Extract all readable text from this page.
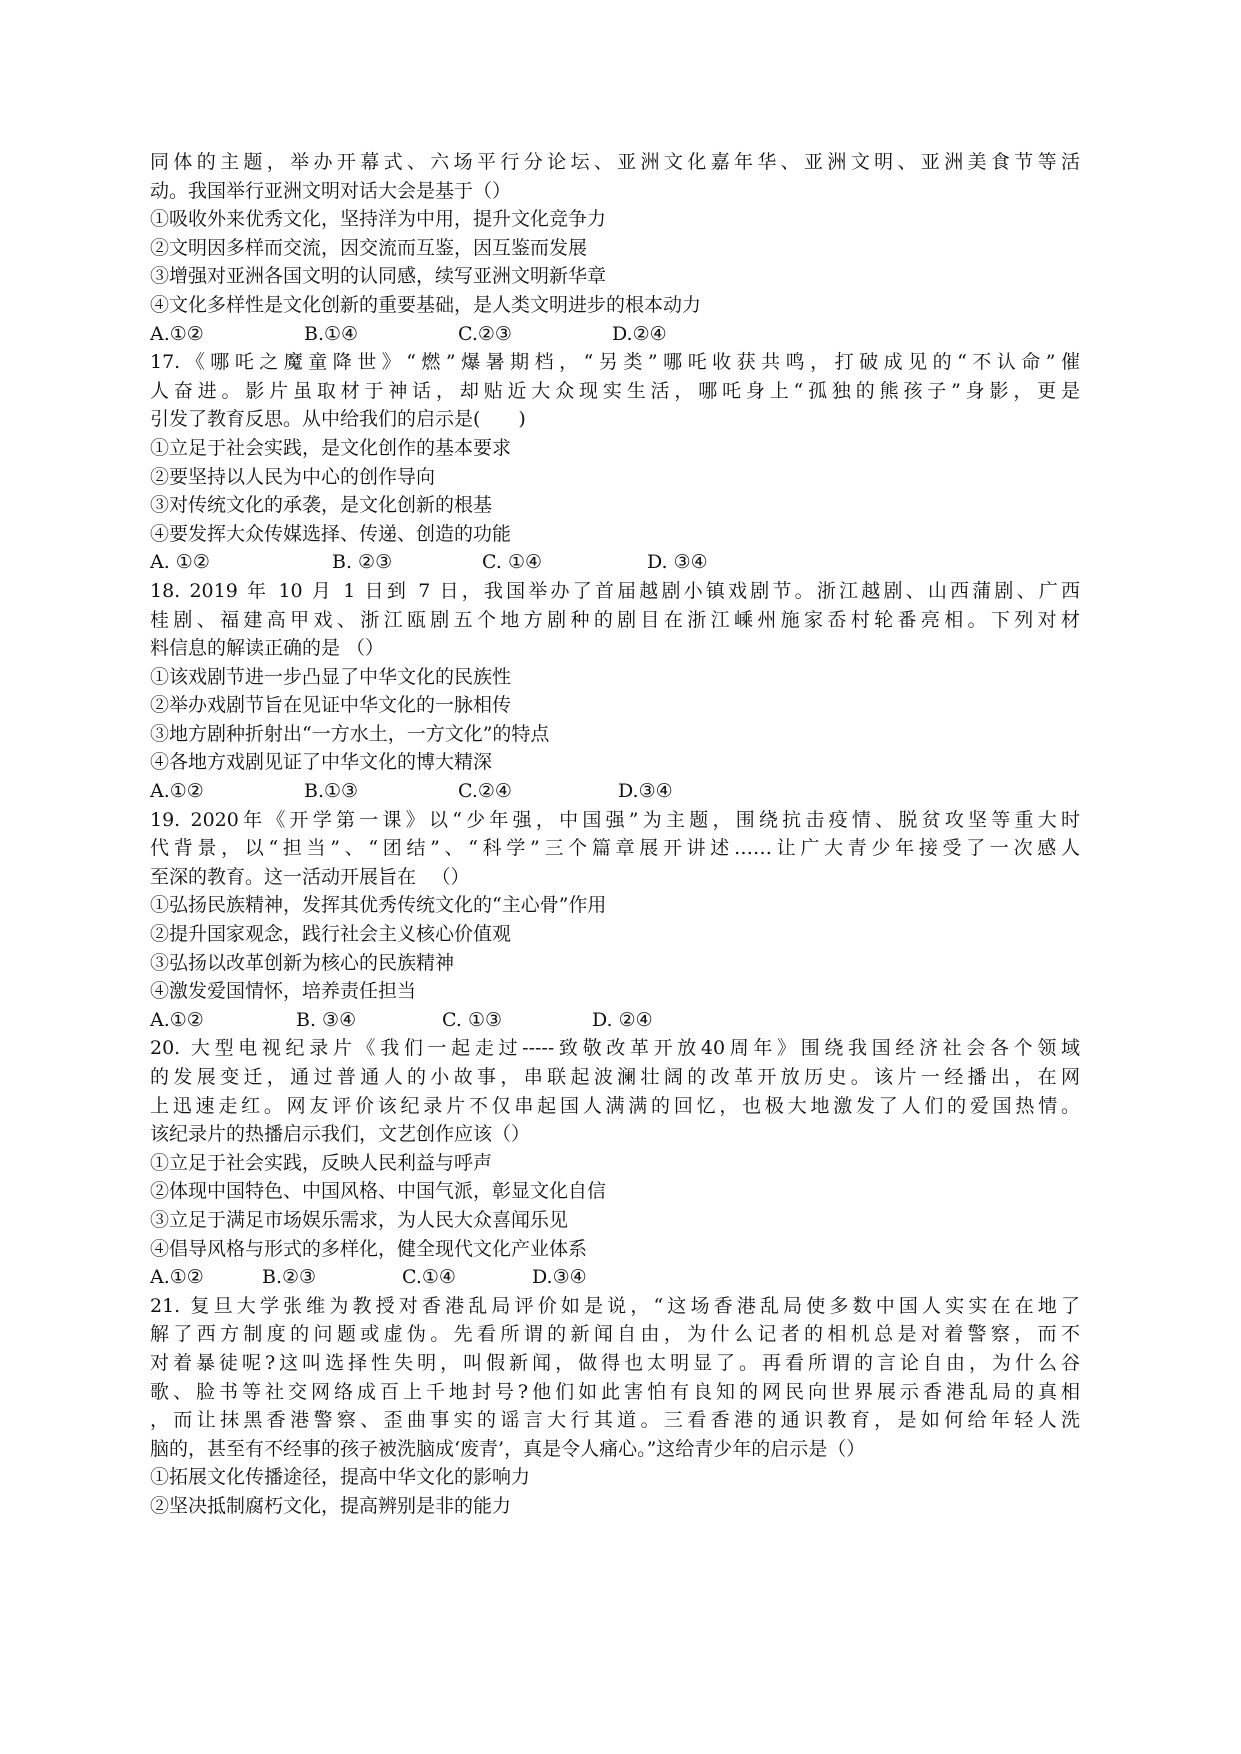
同体的主题，举办开幕式、六场平行分论坛、亚洲文化嘉年华、亚洲文明、亚洲美食节等活
动。我国举行亚洲文明对话大会是基于（）
①吸收外来优秀文化，坚持洋为中用，提升文化竞争力
②文明因多样而交流，因交流而互鉴，因互鉴而发展
③增强对亚洲各国文明的认同感，续写亚洲文明新华章
④文化多样性是文化创新的重要基础，是人类文明进步的根本动力
A.①②	B.①④	C.②③	D.②④
17.《哪吒之魔童降世》“燃”爆暑期档，“另类”哪吒收获共鸣，打破成见的“不认命”催
人奋进。影片虽取材于神话，却贴近大众现实生活，哪吒身上“孤独的熊孩子”身影，更是
引发了教育反思。从中给我们的启示是(　　)
①立足于社会实践，是文化创作的基本要求
②要坚持以人民为中心的创作导向
③对传统文化的承袭，是文化创新的根基
④要发挥大众传媒选择、传递、创造的功能
A. ①②	B. ②③	C. ①④	D. ③④
18. 2019 年 10 月 1 日到 7 日，我国举办了首届越剧小镇戏剧节。浙江越剧、山西蒲剧、广西
桂剧、福建高甲戏、浙江瓯剧五个地方剧种的剧目在浙江嵊州施家岙村轮番亮相。下列对材
料信息的解读正确的是 （）
①该戏剧节进一步凸显了中华文化的民族性
②举办戏剧节旨在见证中华文化的一脉相传
③地方剧种折射出“一方水土，一方文化”的特点
④各地方戏剧见证了中华文化的博大精深
A.①②	B.①③	C.②④	D.③④
19. 2020年《开学第一课》以“少年强，中国强”为主题，围绕抗击疫情、脱贫攻坚等重大时
代背景，以“担当”、“团结”、“科学”三个篇章展开讲述……让广大青少年接受了一次感人
至深的教育。这一活动开展旨在 　（）
①弘扬民族精神，发挥其优秀传统文化的“主心骨”作用
②提升国家观念，践行社会主义核心价值观
③弘扬以改革创新为核心的民族精神
④激发爱国情怀，培养责任担当
A.①②	B. ③④	C. ①③	D. ②④
20. 大型电视纪录片《我们一起走过-----致敬改革开放40周年》围绕我国经济社会各个领域
的发展变迁，通过普通人的小故事，串联起波澜壮阔的改革开放历史。该片一经播出，在网
上迅速走红。网友评价该纪录片不仅串起国人满满的回忆，也极大地激发了人们的爱国热情。
该纪录片的热播启示我们，文艺创作应该（）
①立足于社会实践，反映人民利益与呼声
②体现中国特色、中国风格、中国气派，彰显文化自信
③立足于满足市场娱乐需求，为人民大众喜闻乐见
④倡导风格与形式的多样化，健全现代文化产业体系
A.①②	B.②③	C.①④	D.③④
21. 复旦大学张维为教授对香港乱局评价如是说，“这场香港乱局使多数中国人实实在在地了
解了西方制度的问题或虚伪。先看所谓的新闻自由，为什么记者的相机总是对着警察，而不
对着暴徒呢?这叫选择性失明，叫假新闻，做得也太明显了。再看所谓的言论自由，为什么谷
歌、脸书等社交网络成百上千地封号?他们如此害怕有良知的网民向世界展示香港乱局的真相
，而让抹黑香港警察、歪曲事实的谣言大行其道。三看香港的通识教育，是如何给年轻人洗
脑的，甚至有不经事的孩子被洗脑成‘废青’，真是令人痛心。”这给青少年的启示是（）
①拓展文化传播途径，提高中华文化的影响力
②坚决抵制腐朽文化，提高辨别是非的能力
